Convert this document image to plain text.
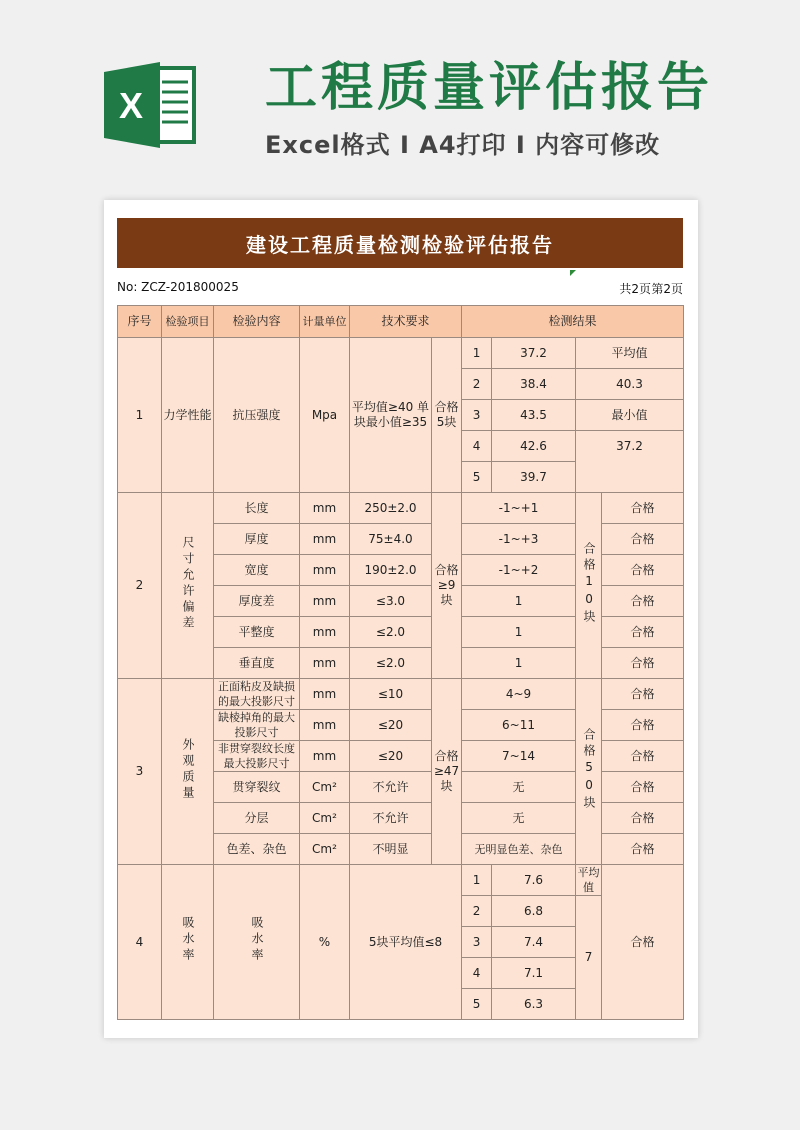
X 工程质量评估报告
Excel格式 I A4打印 I 内容可修改
建设工程质量检测检验评估报告
No: ZCZ-201800025	共2页 第2页
序号	检验项目	检验内容	计量单位	技术要求		检测结果			
1	力学性能	抗压强度	Mpa	平均值≥40 单块最小值≥35	合格5块	1	37.2	平均值	
						2	38.4	40.3	
						3	43.5	最小值	
						4	42.6	37.2	
						5	39.7		
2	尺寸允许偏差	长度	mm	250±2.0	合格≥9块	-1~+1		合格10块	合格
		厚度	mm	75±4.0		-1~+3			合格
		宽度	mm	190±2.0		-1~+2			合格
		厚度差	mm	≤3.0		1			合格
		平整度	mm	≤2.0		1			合格
		垂直度	mm	≤2.0		1			合格
3	外观质量	正面粘皮及缺损的最大投影尺寸	mm	≤10	合格≥47块	4~9		合格50块	合格
		缺棱掉角的最大投影尺寸	mm	≤20		6~11			合格
		非贯穿裂纹长度最大投影尺寸	mm	≤20		7~14			合格
		贯穿裂纹	Cm²	不允许		无			合格
		分层	Cm²	不允许		无			合格
		色差、杂色	Cm²	不明显		无明显色差、杂色			合格
4	吸水率	吸水率	%	5块平均值≤8		1	7.6	平均值	合格
						2	6.8	7	
						3	7.4		
						4	7.1		
						5	6.3		
